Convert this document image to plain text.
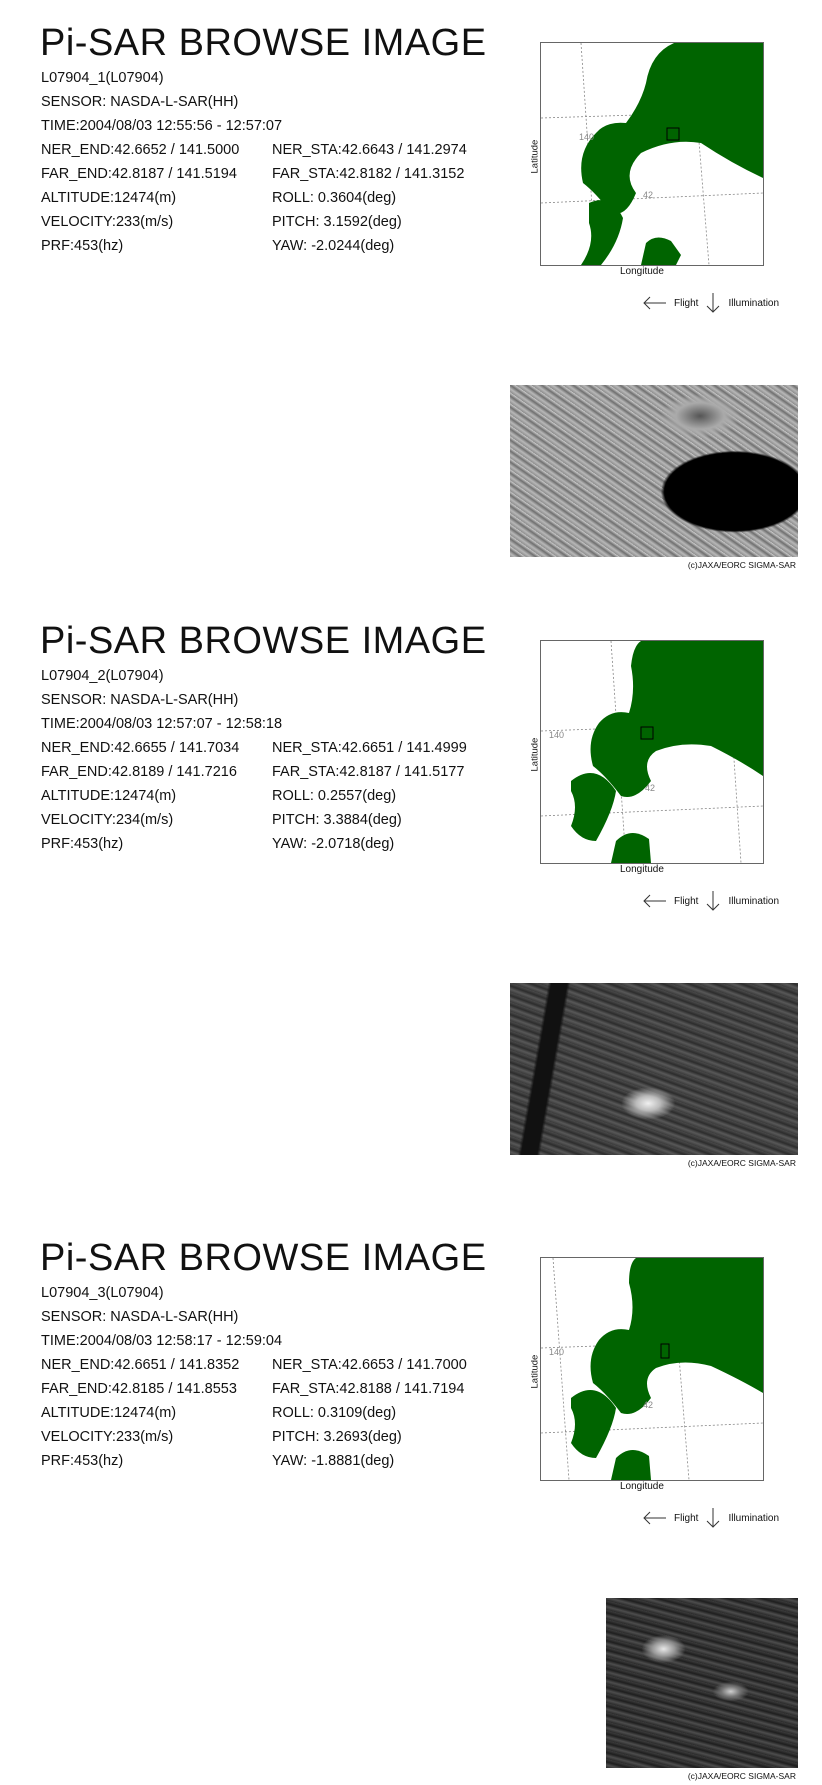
Pi-SAR BROWSE IMAGE
L07904_1(L07904)
SENSOR: NASDA-L-SAR(HH)
TIME:2004/08/03 12:55:56 - 12:57:07
NER_END:42.6652 / 141.5000 NER_STA:42.6643 / 141.2974
FAR_END:42.8187 / 141.5194 FAR_STA:42.8182 / 141.3152
ALTITUDE:12474(m)	ROLL: 0.3604(deg)
VELOCITY:233(m/s)	PITCH: 3.1592(deg)
PRF:453(hz)	YAW: -2.0244(deg)
Latitude
140
42
Longitude
Flight	Illumination
(c)JAXA/EORC SIGMA-SAR
Pi-SAR BROWSE IMAGE
L07904_2(L07904)
SENSOR: NASDA-L-SAR(HH)
TIME:2004/08/03 12:57:07 - 12:58:18
NER_END:42.6655 / 141.7034 NER_STA:42.6651 / 141.4999
FAR_END:42.8189 / 141.7216 FAR_STA:42.8187 / 141.5177
ALTITUDE:12474(m)	ROLL: 0.2557(deg)
VELOCITY:234(m/s)	PITCH: 3.3884(deg)
PRF:453(hz)	YAW: -2.0718(deg)
Latitude
140
42
Longitude
Flight	Illumination
(c)JAXA/EORC SIGMA-SAR
Pi-SAR BROWSE IMAGE
L07904_3(L07904)
SENSOR: NASDA-L-SAR(HH)
TIME:2004/08/03 12:58:17 - 12:59:04
NER_END:42.6651 / 141.8352 NER_STA:42.6653 / 141.7000
FAR_END:42.8185 / 141.8553 FAR_STA:42.8188 / 141.7194
ALTITUDE:12474(m)	ROLL: 0.3109(deg)
VELOCITY:233(m/s)	PITCH: 3.2693(deg)
PRF:453(hz)	YAW: -1.8881(deg)
Latitude
140
42
Longitude
Flight	Illumination
(c)JAXA/EORC SIGMA-SAR
